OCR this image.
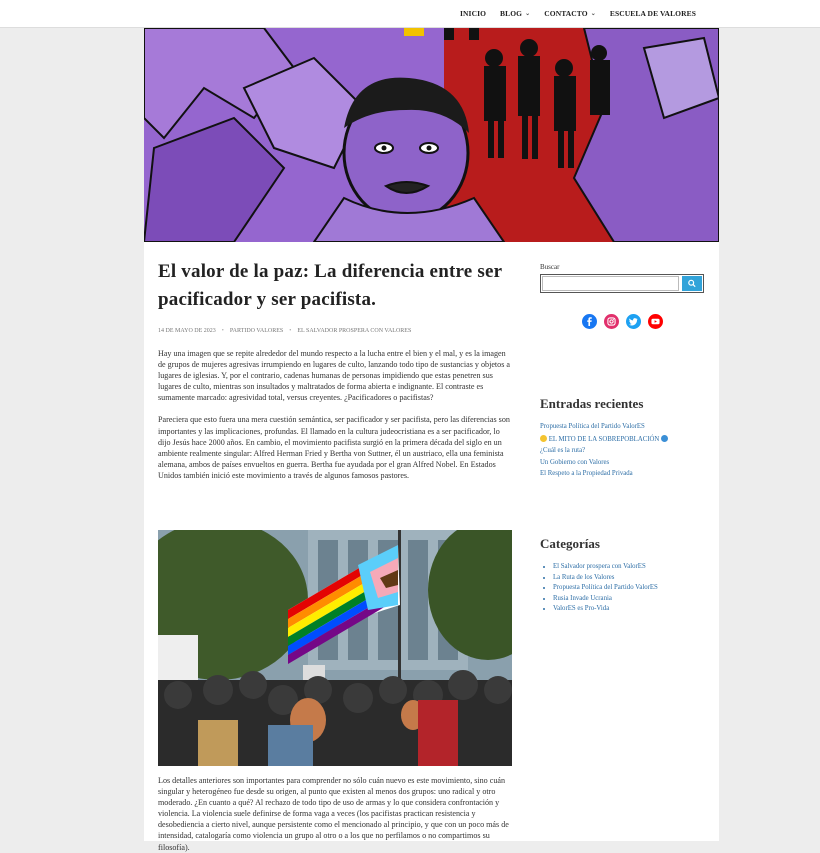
INICIO BLOG ⌄ CONTACTO ⌄ ESCUELA DE VALORES
El valor de la paz: La diferencia entre ser pacificador y ser pacifista.
14 DE MAYO DE 2023 • PARTIDO VALORES • EL SALVADOR PROSPERA CON VALORES

Hay una imagen que se repite alrededor del mundo respecto a la lucha entre el bien y el mal, y es la imagen de grupos de mujeres agresivas irrumpiendo en lugares de culto, lanzando todo tipo de sustancias y objetos a lugares de iglesias. Y, por el contrario, cadenas humanas de personas impidiendo que estas penetren sus lugares de culto, mientras son insultados y maltratados de forma abierta e indignante. El contraste es sumamente marcado: agresividad total, versus creyentes. ¿Pacificadores o pacifistas?

Pareciera que esto fuera una mera cuestión semántica, ser pacificador y ser pacifista, pero las diferencias son importantes y las implicaciones, profundas. El llamado en la cultura judeocristiana es a ser pacificador, lo dijo Jesús hace 2000 años. En cambio, el movimiento pacifista surgió en la primera década del siglo en un ambiente realmente singular: Alfred Herman Fried y Bertha von Suttner, él un austriaco, ella una feminista alemana, ambos de países envueltos en guerra. Bertha fue ayudada por el gran Alfred Nobel. En Estados Unidos también inició este movimiento a través de algunos famosos pastores.

Los detalles anteriores son importantes para comprender no sólo cuán nuevo es este movimiento, sino cuán singular y heterogéneo fue desde su origen, al punto que existen al menos dos grupos: uno radical y otro moderado. ¿En cuanto a qué? Al rechazo de todo tipo de uso de armas y lo que considera confrontación y violencia. La violencia suele definirse de forma vaga a veces (los pacifistas practican resistencia y desobediencia a cierto nivel, aunque persistente como el mencionado al principio, y que con un poco más de intensidad, catalogaría como violencia un grupo al otro o a los que no perfilamos o no compartimos su filosofía).

Buscar
Entradas recientes
Propuesta Política del Partido ValorES
EL MITO DE LA SOBREPOBLACIÓN
¿Cuál es la ruta?
Un Gobierno con Valores
El Respeto a la Propiedad Privada
Categorías
• El Salvador prospera con ValorES
• La Ruta de los Valores
• Propuesta Política del Partido ValorES
• Rusia Invade Ucrania
• ValorES es Pro-Vida
